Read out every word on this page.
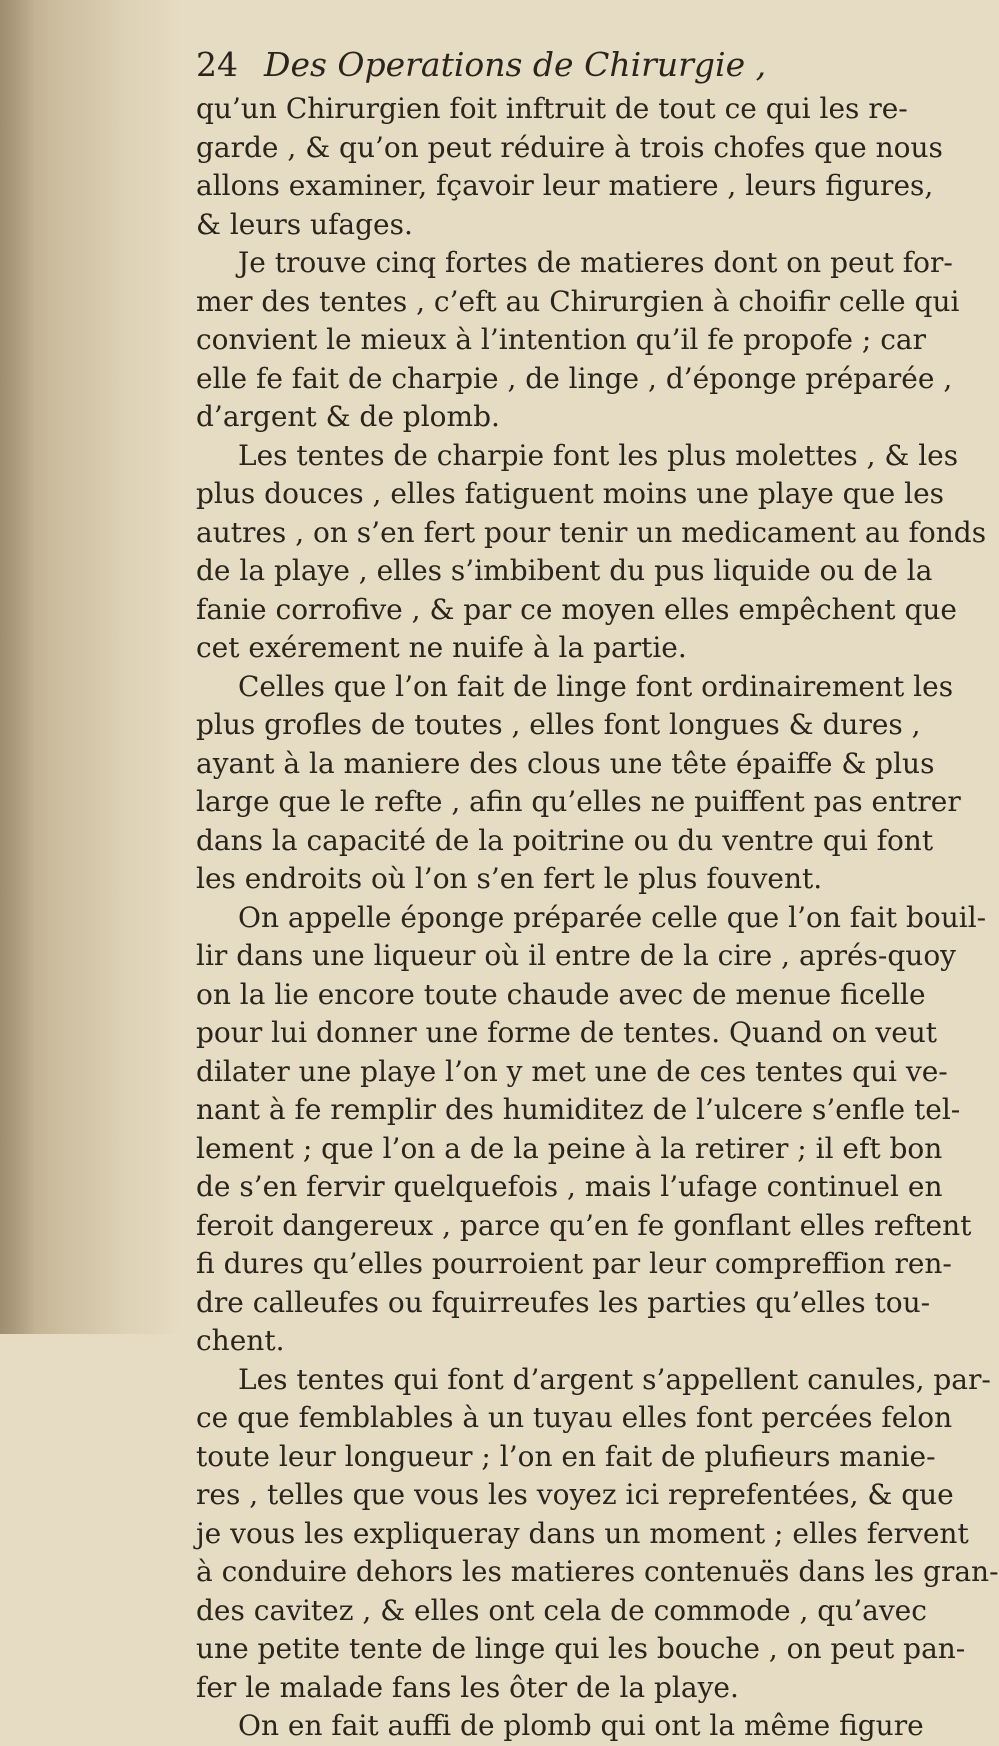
24 Des Operations de Chirurgie ,
qu’un Chirurgien foit inftruit de tout ce qui les re-
garde , & qu’on peut réduire à trois chofes que nous
allons examiner, fçavoir leur matiere , leurs figures,
& leurs ufages.
Je trouve cinq fortes de matieres dont on peut for-
mer des tentes , c’eft au Chirurgien à choifir celle qui
convient le mieux à l’intention qu’il fe propofe ; car
elle fe fait de charpie , de linge , d’éponge préparée ,
d’argent & de plomb.
Les tentes de charpie font les plus molettes , & les
plus douces , elles fatiguent moins une playe que les
autres , on s’en fert pour tenir un medicament au fonds
de la playe , elles s’imbibent du pus liquide ou de la
fanie corrofive , & par ce moyen elles empêchent que
cet exérement ne nuife à la partie.
Celles que l’on fait de linge font ordinairement les
plus grofles de toutes , elles font longues & dures ,
ayant à la maniere des clous une tête épaiffe & plus
large que le refte , afin qu’elles ne puiffent pas entrer
dans la capacité de la poitrine ou du ventre qui font
les endroits où l’on s’en fert le plus fouvent.
On appelle éponge préparée celle que l’on fait bouil-
lir dans une liqueur où il entre de la cire , aprés-quoy
on la lie encore toute chaude avec de menue ficelle
pour lui donner une forme de tentes. Quand on veut
dilater une playe l’on y met une de ces tentes qui ve-
nant à fe remplir des humiditez de l’ulcere s’enfle tel-
lement ; que l’on a de la peine à la retirer ; il eft bon
de s’en fervir quelquefois , mais l’ufage continuel en
feroit dangereux , parce qu’en fe gonflant elles reftent
fi dures qu’elles pourroient par leur compreffion ren-
dre calleufes ou fquirreufes les parties qu’elles tou-
chent.
Les tentes qui font d’argent s’appellent canules, par-
ce que femblables à un tuyau elles font percées felon
toute leur longueur ; l’on en fait de plufieurs manie-
res , telles que vous les voyez ici reprefentées, & que
je vous les expliqueray dans un moment ; elles fervent
à conduire dehors les matieres contenuës dans les gran-
des cavitez , & elles ont cela de commode , qu’avec
une petite tente de linge qui les bouche , on peut pan-
fer le malade fans les ôter de la playe.
On en fait auffi de plomb qui ont la même figure
